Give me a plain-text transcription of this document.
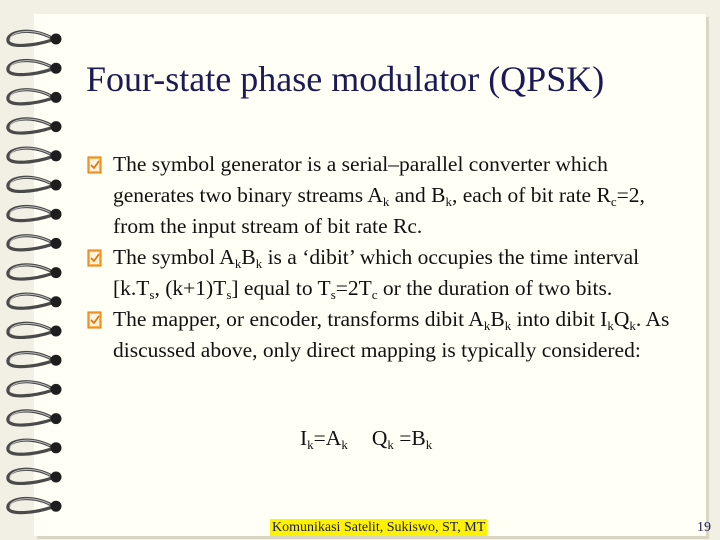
Four-state phase modulator (QPSK)
The symbol generator is a serial–parallel converter which generates two binary streams $A_k$ and $B_k$, each of bit rate $R_c=2$, from the input stream of bit rate Rc.
The symbol $A_kB_k$ is a ‘dibit’ which occupies the time interval [$k.T_s$, $(k+1)T_s$] equal to $T_s=2T_c$ or the duration of two bits.
The mapper, or encoder, transforms dibit $A_kB_k$ into dibit $I_kQ_k$. As discussed above, only direct mapping is typically considered:
$I_k=A_k$ $Q_k =B_k$
Komunikasi Satelit, Sukiswo, ST, MT	19
